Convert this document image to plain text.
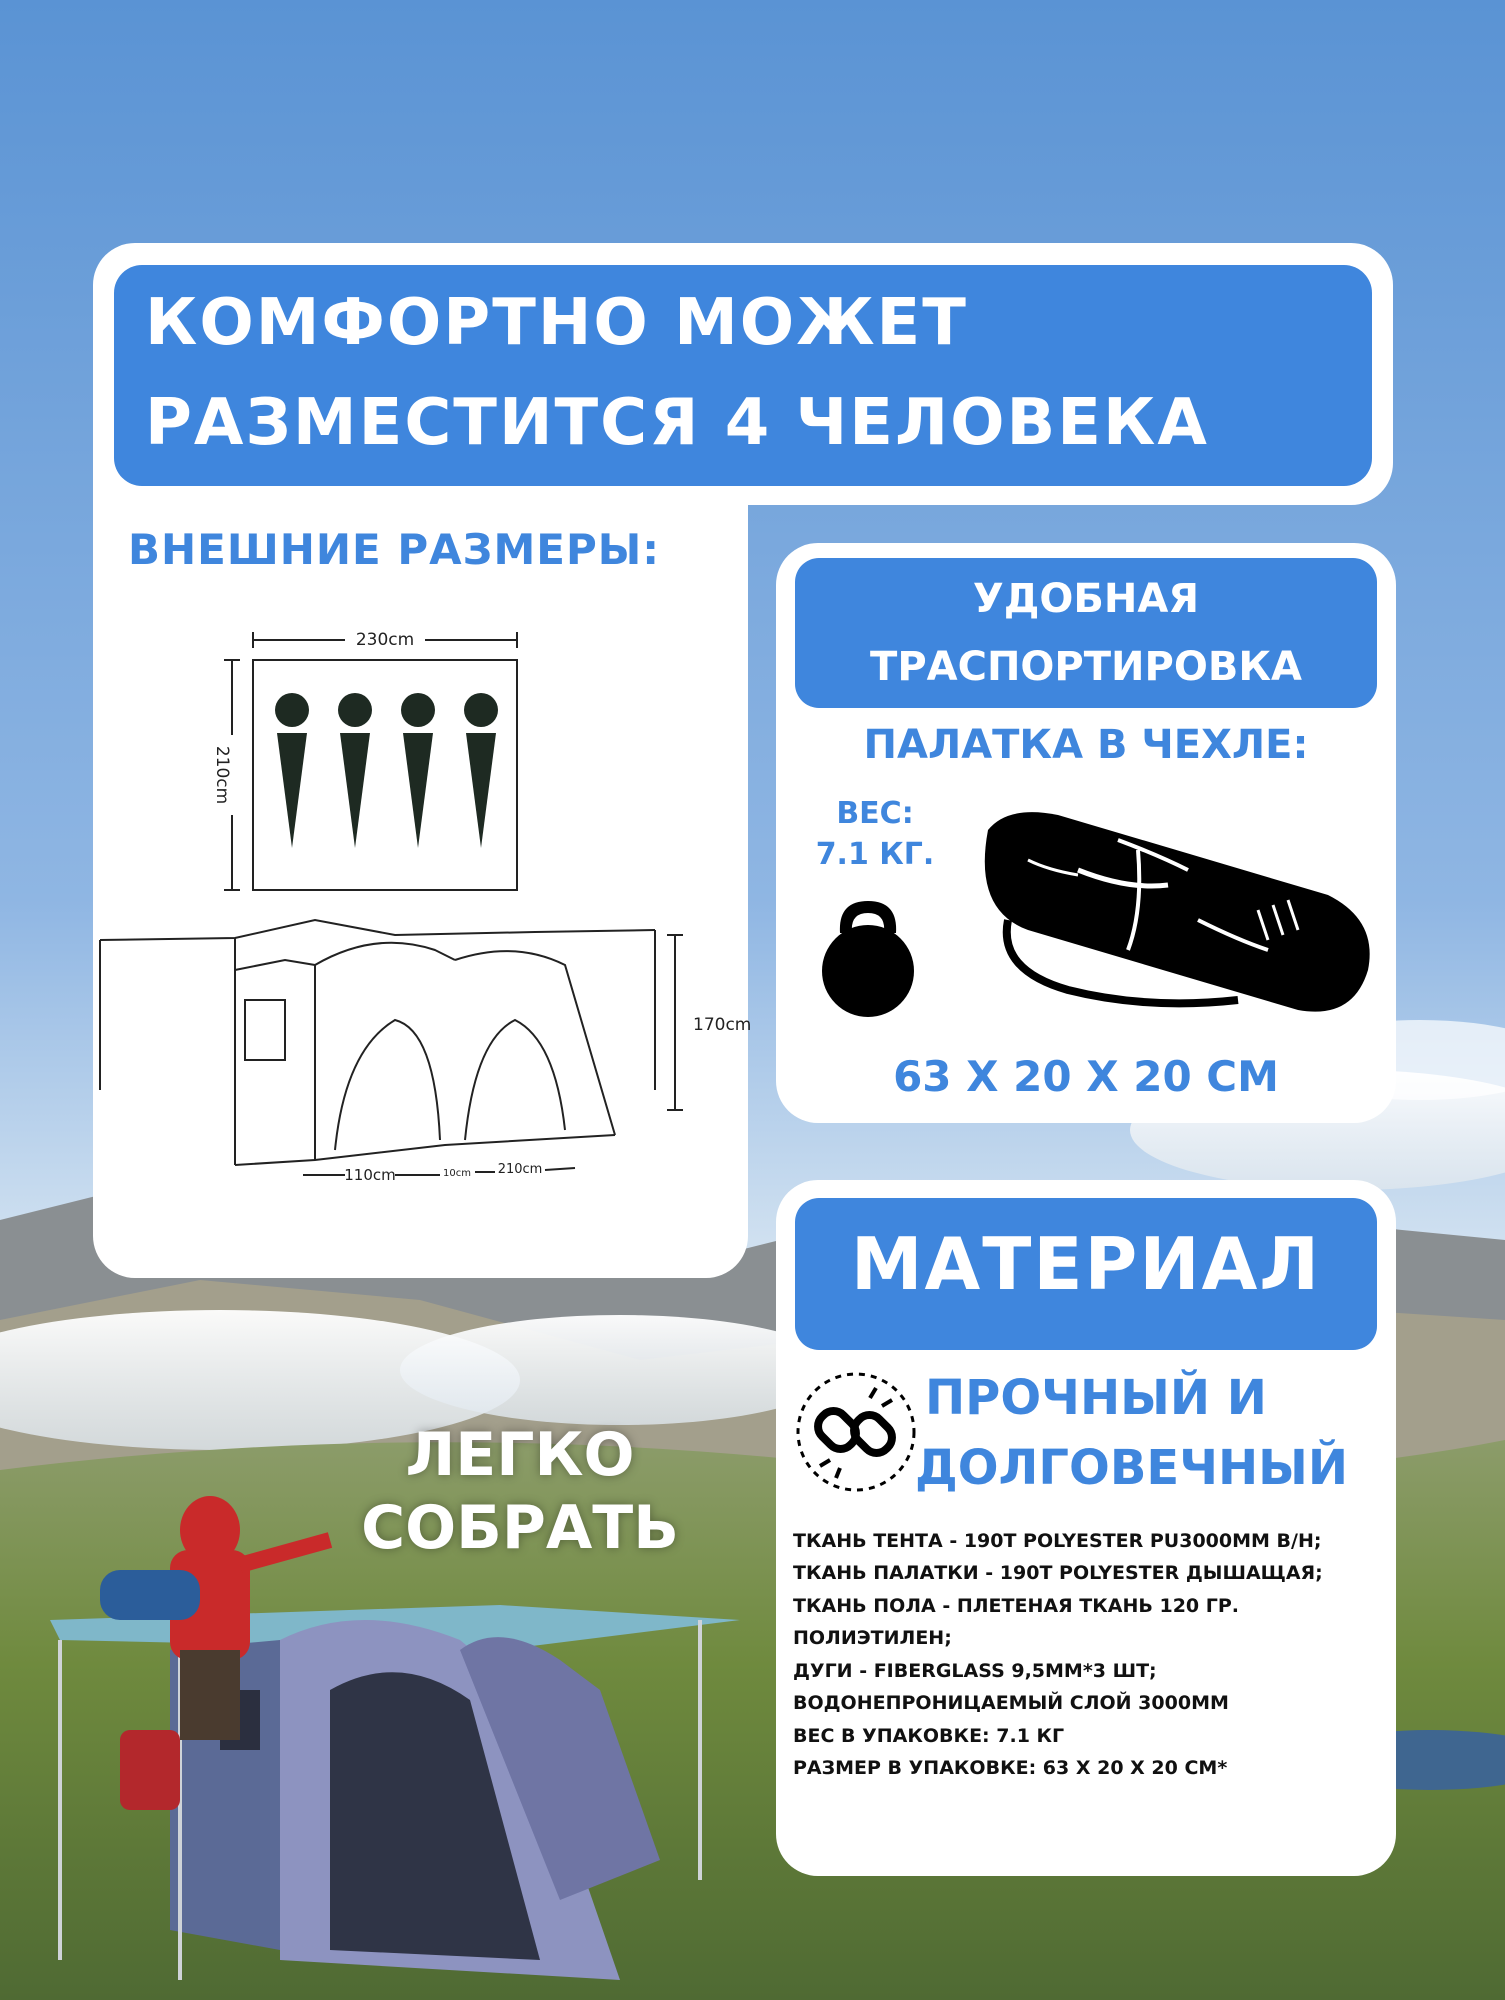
КОМФОРТНО МОЖЕТ
РАЗМЕСТИТСЯ 4 ЧЕЛОВЕКА
ВНЕШНИЕ РАЗМЕРЫ:
230cm
210cm
170cm
110cm	10cm 210cm
УДОБНАЯ
ТРАСПОРТИРОВКА
ПАЛАТКА В ЧЕХЛЕ:
ВЕС:
7.1 КГ.
63 Х 20 Х 20 СМ
МАТЕРИАЛ
ПРОЧНЫЙ И
ДОЛГОВЕЧНЫЙ
ТКАНЬ ТЕНТА - 190T POLYESTER PU3000MM В/Н;
ТКАНЬ ПАЛАТКИ - 190T POLYESTER ДЫШАЩАЯ;
ТКАНЬ ПОЛА - ПЛЕТЕНАЯ ТКАНЬ 120 ГР.
ПОЛИЭТИЛЕН;
ДУГИ - FIBERGLASS 9,5MM*3 ШТ;
ВОДОНЕПРОНИЦАЕМЫЙ СЛОЙ 3000MM
ВЕС В УПАКОВКЕ: 7.1 КГ
РАЗМЕР В УПАКОВКЕ: 63 Х 20 Х 20 СМ*
ЛЕГКО
СОБРАТЬ
